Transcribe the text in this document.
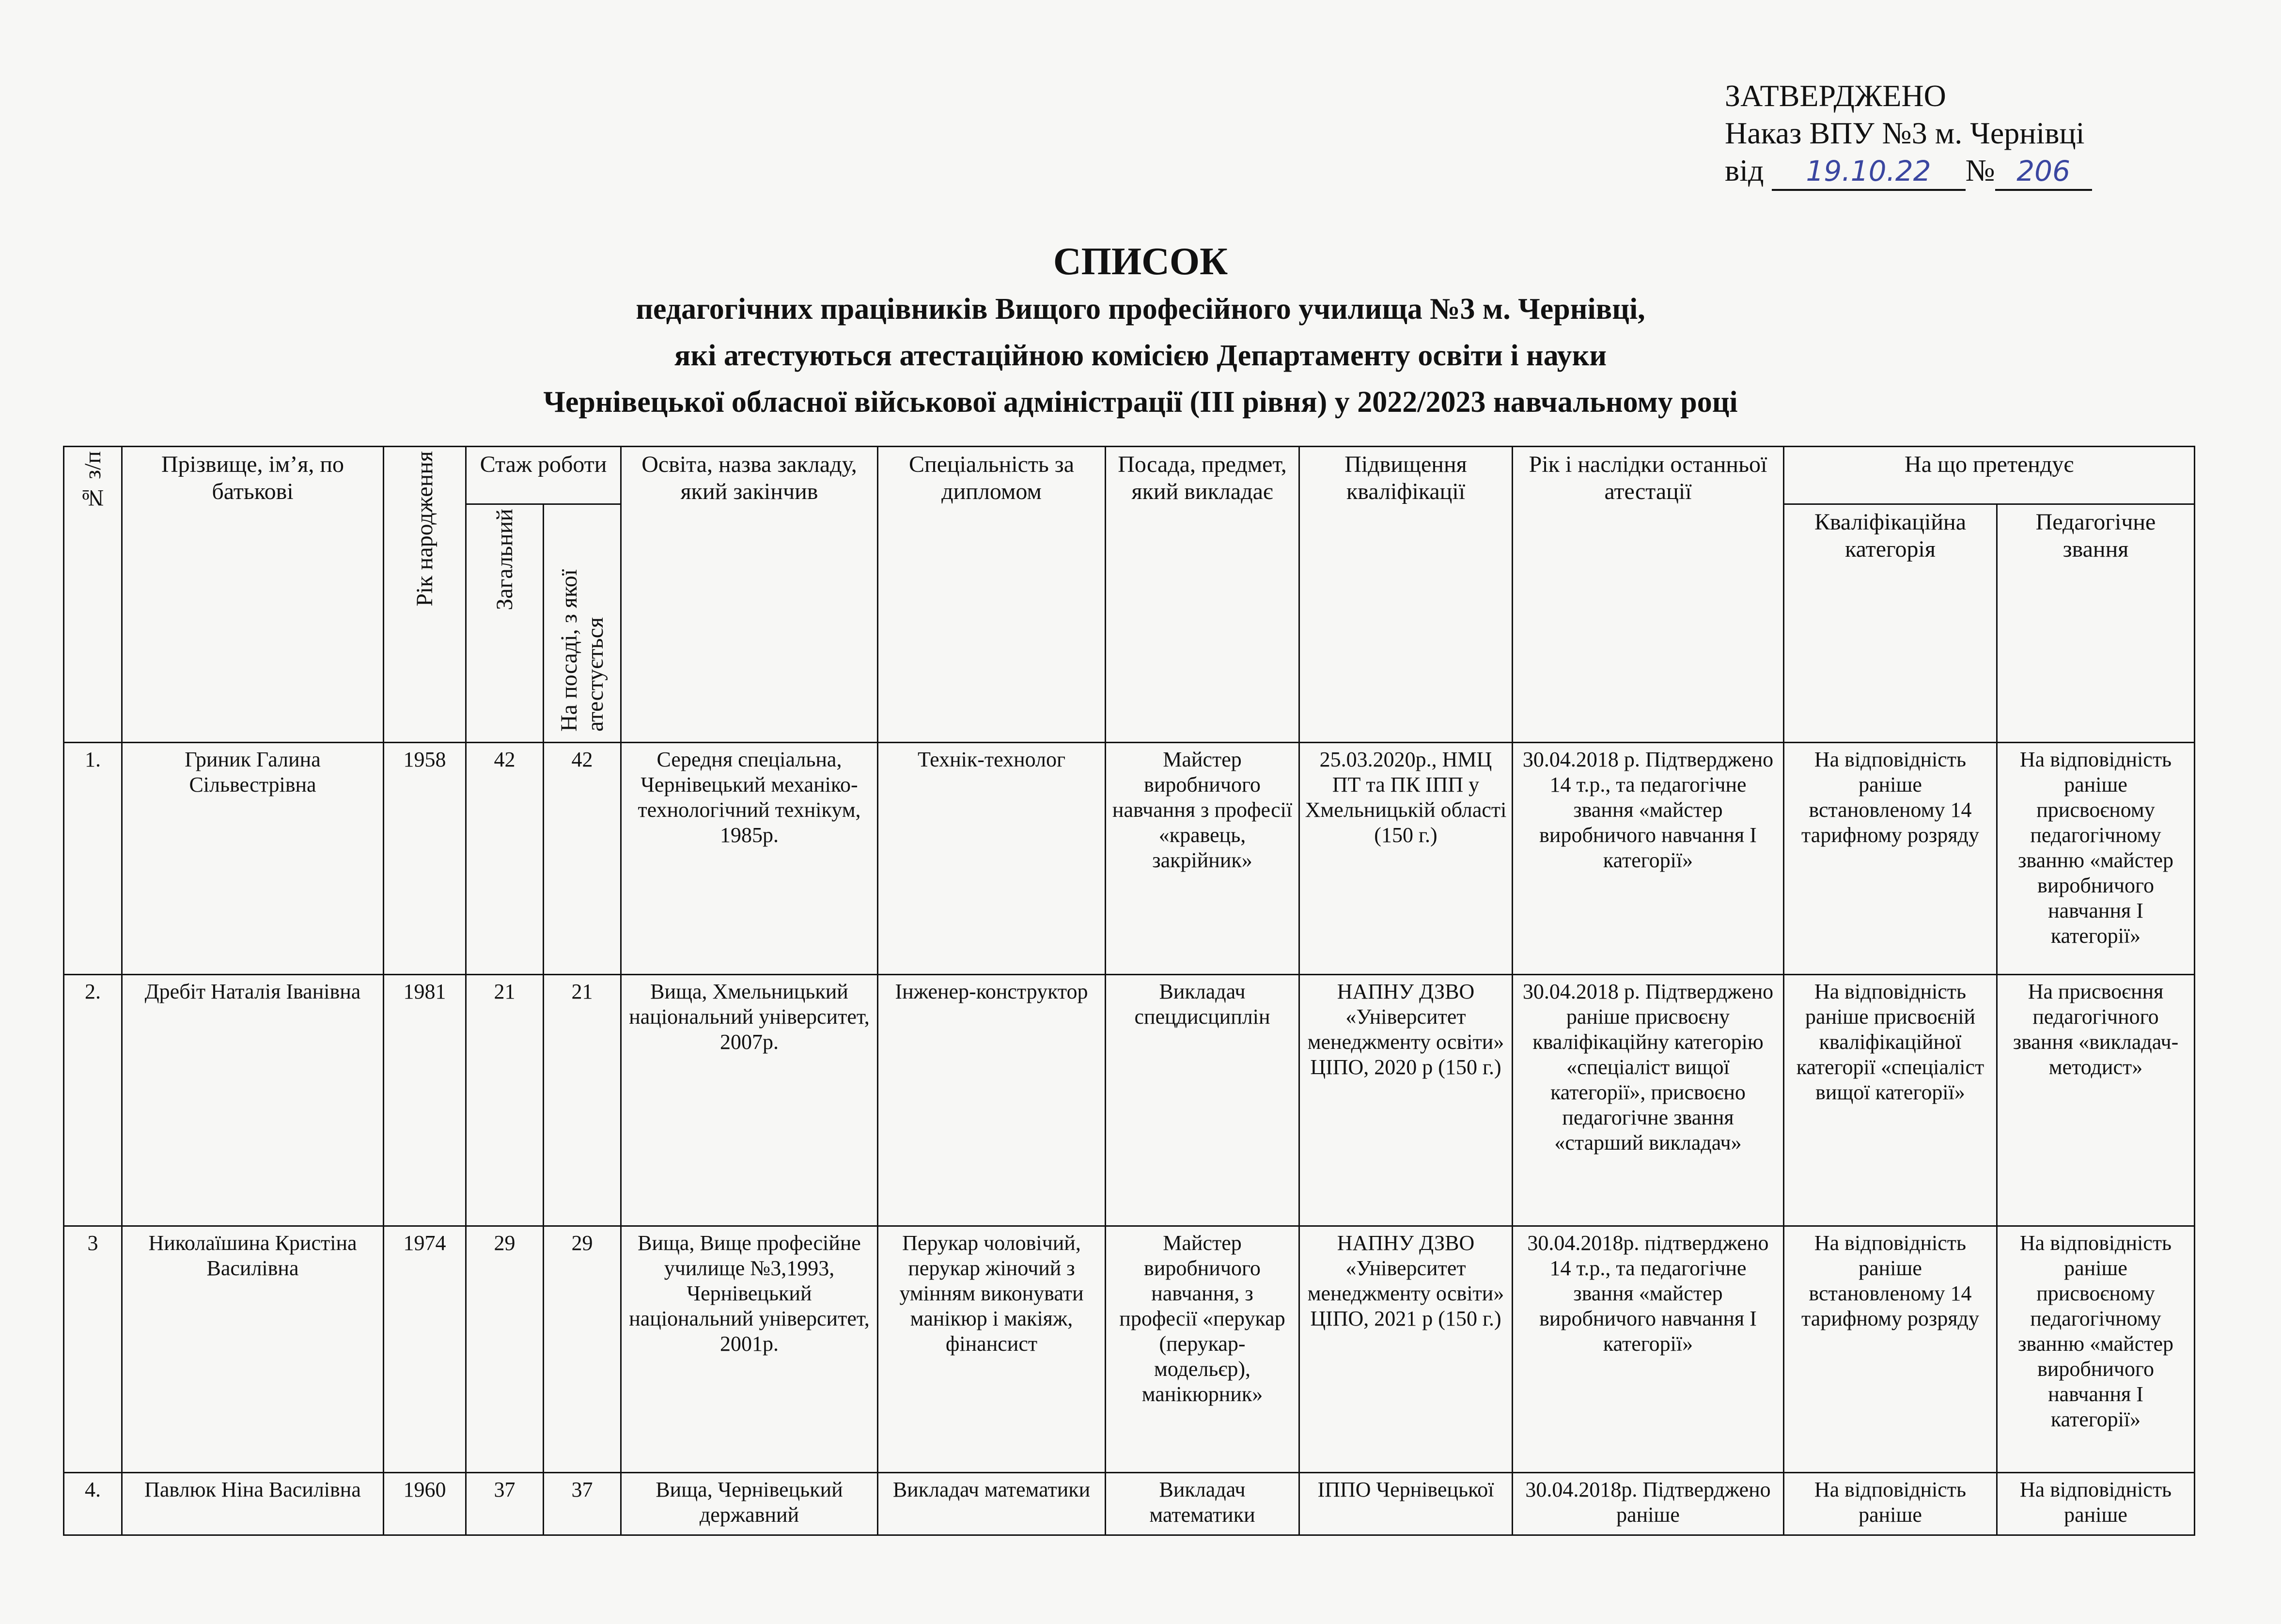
ЗАТВЕРДЖЕНО
Наказ ВПУ №3 м. Чернівці
від 19.10.22 № 206
СПИСОК
педагогічних працівників Вищого професійного училища №3 м. Чернівці,
які атестуються атестаційною комісією Департаменту освіти і науки
Чернівецької обласної військової адміністрації (ІІІ рівня) у 2022/2023 навчальному році
№ з/п	Прізвище, ім’я, по батькові	Рік народження	Стаж роботи		Освіта, назва закладу, який закінчив	Спеціальність за дипломом	Посада, предмет, який викладає	Підвищення кваліфікації	Рік і наслідки останньої атестації	На що претендує	
			Загальний	На посаді, з якої атестується						Кваліфікаційна категорія	Педагогічне звання
1.	Гриник Галина Сільвестрівна	1958	42	42	Середня спеціальна, Чернівецький механіко-технологічний технікум, 1985р.	Технік-технолог	Майстер виробничого навчання з професії «кравець, закрійник»	25.03.2020р., НМЦ ПТ та ПК ІПП у Хмельницькій області (150 г.)	30.04.2018 р. Підтверджено 14 т.р., та педагогічне звання «майстер виробничого навчання І категорії»	На відповідність раніше встановленому 14 тарифному розряду	На відповідність раніше присвоєному педагогічному званню «майстер виробничого навчання І категорії»
2.	Дребіт Наталія Іванівна	1981	21	21	Вища, Хмельницький національний університет, 2007р.	Інженер-конструктор	Викладач спецдисциплін	НАПНУ ДЗВО «Університет менеджменту освіти» ЦІПО, 2020 р (150 г.)	30.04.2018 р. Підтверджено раніше присвоєну кваліфікаційну категорію «спеціаліст вищої категорії», присвоєно педагогічне звання «старший викладач»	На відповідність раніше присвоєній кваліфікаційної категорії «спеціаліст вищої категорії»	На присвоєння педагогічного звання «викладач-методист»
3	Николаїшина Кристіна Василівна	1974	29	29	Вища, Вище професійне училище №3,1993, Чернівецький національний університет, 2001р.	Перукар чоловічий, перукар жіночий з умінням виконувати манікюр і макіяж, фінансист	Майстер виробничого навчання, з професії «перукар (перукар-модельєр), манікюрник»	НАПНУ ДЗВО «Університет менеджменту освіти» ЦІПО, 2021 р (150 г.)	30.04.2018р. підтверджено 14 т.р., та педагогічне звання «майстер виробничого навчання І категорії»	На відповідність раніше встановленому 14 тарифному розряду	На відповідність раніше присвоєному педагогічному званню «майстер виробничого навчання І категорії»
4.	Павлюк Ніна Василівна	1960	37	37	Вища, Чернівецький державний	Викладач математики	Викладач математики	ІППО Чернівецької	30.04.2018р. Підтверджено раніше	На відповідність раніше	На відповідність раніше
